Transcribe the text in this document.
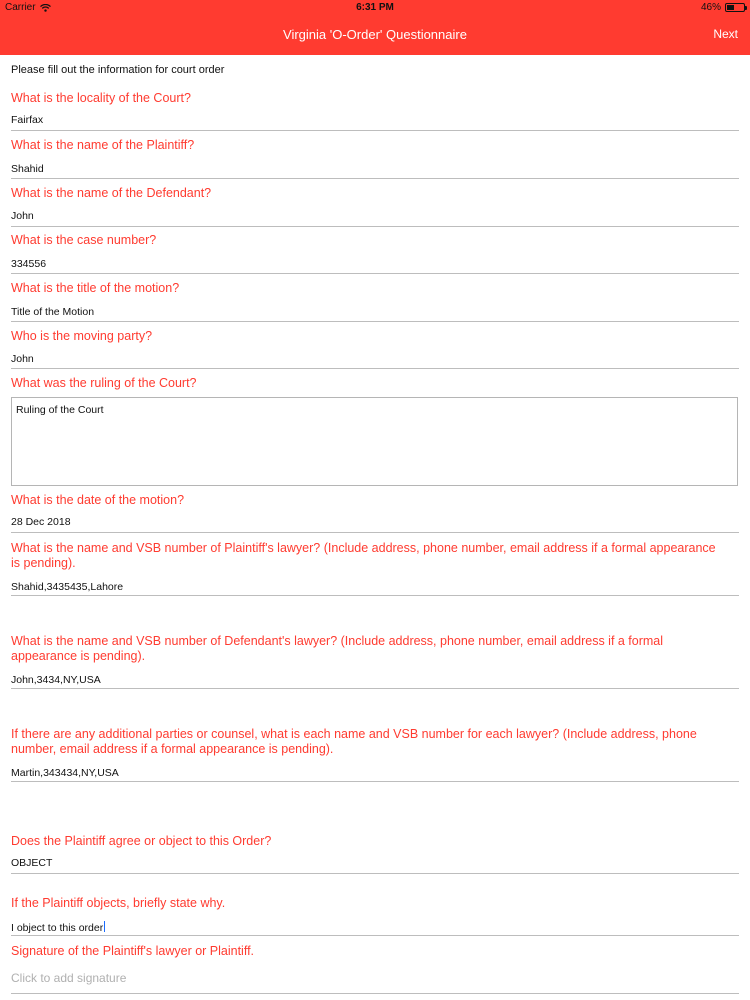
Carrier	6:31 PM	46%
Virginia 'O-Order' Questionnaire	Next
Please fill out the information for court order
What is the locality of the Court?
Fairfax
What is the name of the Plaintiff?
Shahid
What is the name of the Defendant?
John
What is the case number?
334556
What is the title of the motion?
Title of the Motion
Who is the moving party?
John
What was the ruling of the Court?
Ruling of the Court
What is the date of the motion?
28 Dec 2018
What is the name and VSB number of Plaintiff's lawyer? (Include address, phone number, email address if a formal appearance is pending).
Shahid,3435435,Lahore
What is the name and VSB number of Defendant's lawyer? (Include address, phone number, email address if a formal appearance is pending).
John,3434,NY,USA
If there are any additional parties or counsel, what is each name and VSB number for each lawyer? (Include address, phone number, email address if a formal appearance is pending).
Martin,343434,NY,USA
Does the Plaintiff agree or object to this Order?
OBJECT
If the Plaintiff objects, briefly state why.
I object to this order
Signature of the Plaintiff's lawyer or Plaintiff.
Click to add signature
